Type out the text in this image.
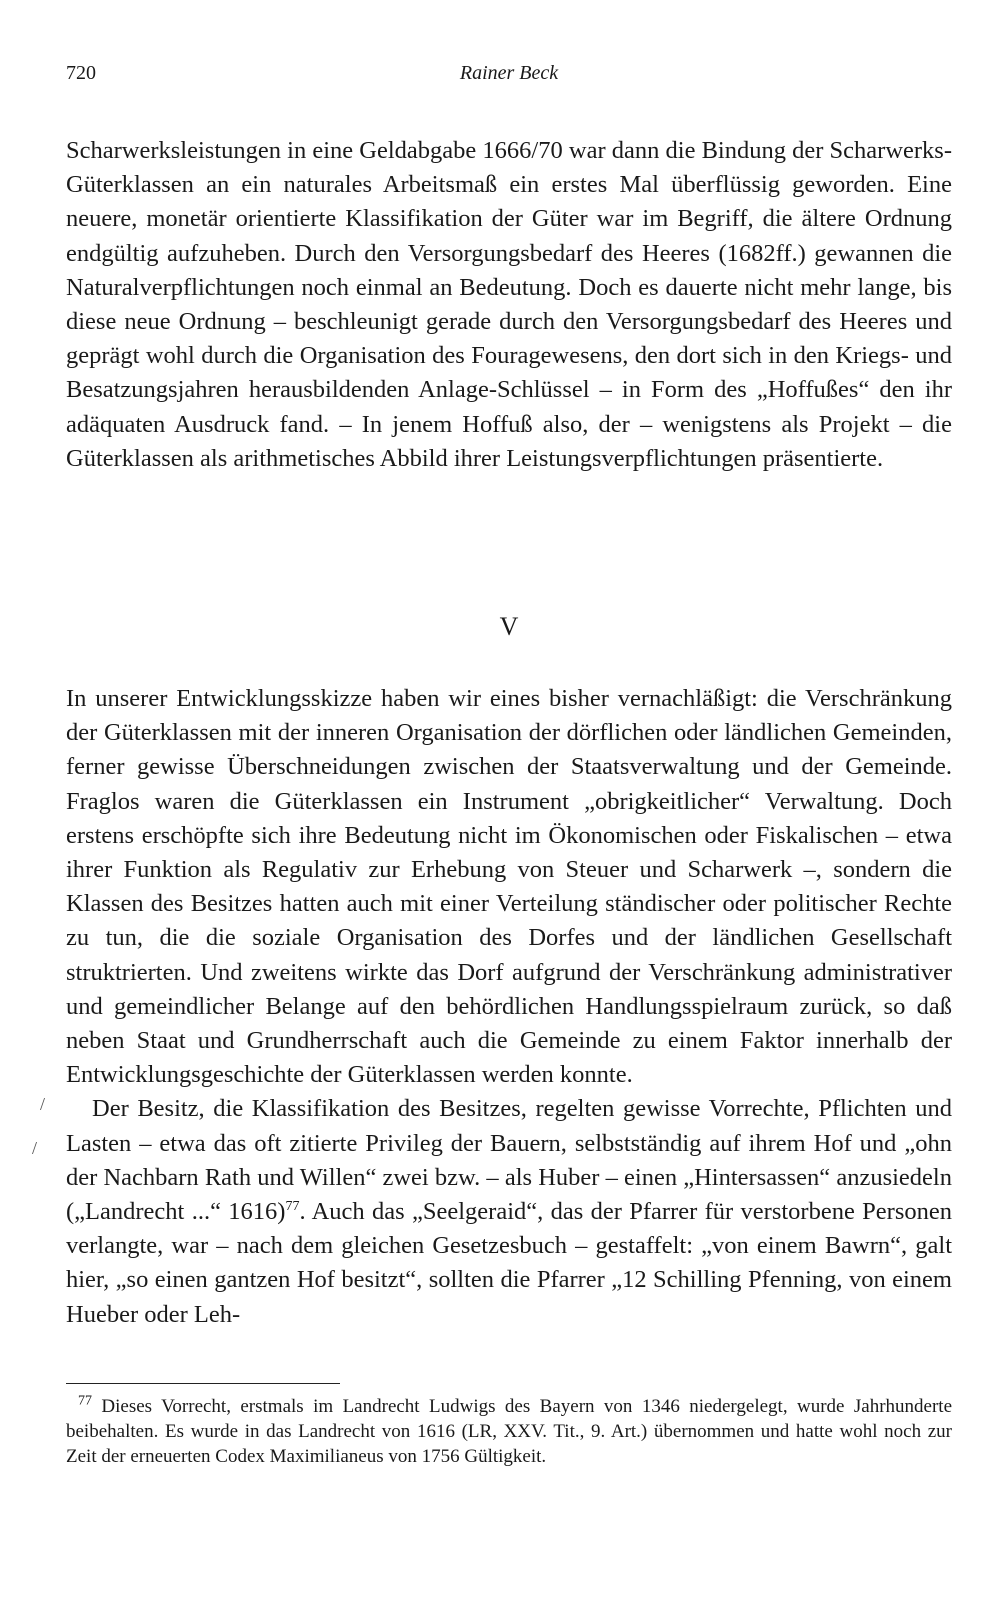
720	Rainer Beck

Scharwerksleistungen in eine Geldabgabe 1666/70 war dann die Bindung der Scharwerks-Güterklassen an ein naturales Arbeitsmaß ein erstes Mal überflüssig geworden. Eine neuere, monetär orientierte Klassifikation der Güter war im Begriff, die ältere Ordnung endgültig aufzuheben. Durch den Versorgungsbedarf des Heeres (1682ff.) gewannen die Naturalverpflichtungen noch einmal an Bedeutung. Doch es dauerte nicht mehr lange, bis diese neue Ordnung – beschleunigt gerade durch den Versorgungsbedarf des Heeres und geprägt wohl durch die Organisation des Fouragewesens, den dort sich in den Kriegs- und Besatzungsjahren herausbildenden Anlage-Schlüssel – in Form des „Hoffußes“ den ihr adäquaten Ausdruck fand. – In jenem Hoffuß also, der – wenigstens als Projekt – die Güterklassen als arithmetisches Abbild ihrer Leistungsverpflichtungen präsentierte.

V

In unserer Entwicklungsskizze haben wir eines bisher vernachläßigt: die Verschränkung der Güterklassen mit der inneren Organisation der dörflichen oder ländlichen Gemeinden, ferner gewisse Überschneidungen zwischen der Staatsverwaltung und der Gemeinde. Fraglos waren die Güterklassen ein Instrument „obrigkeitlicher“ Verwaltung. Doch erstens erschöpfte sich ihre Bedeutung nicht im Ökonomischen oder Fiskalischen – etwa ihrer Funktion als Regulativ zur Erhebung von Steuer und Scharwerk –, sondern die Klassen des Besitzes hatten auch mit einer Verteilung ständischer oder politischer Rechte zu tun, die die soziale Organisation des Dorfes und der ländlichen Gesellschaft struktrierten. Und zweitens wirkte das Dorf aufgrund der Verschränkung administrativer und gemeindlicher Belange auf den behördlichen Handlungsspielraum zurück, so daß neben Staat und Grundherrschaft auch die Gemeinde zu einem Faktor innerhalb der Entwicklungsgeschichte der Güterklassen werden konnte.

Der Besitz, die Klassifikation des Besitzes, regelten gewisse Vorrechte, Pflichten und Lasten – etwa das oft zitierte Privileg der Bauern, selbstständig auf ihrem Hof und „ohn der Nachbarn Rath und Willen“ zwei bzw. – als Huber – einen „Hintersassen“ anzusiedeln („Landrecht ...“ 1616)$^{77}$. Auch das „Seelgeraid“, das der Pfarrer für verstorbene Personen verlangte, war – nach dem gleichen Gesetzesbuch – gestaffelt: „von einem Bawrn“, galt hier, „so einen gantzen Hof besitzt“, sollten die Pfarrer „12 Schilling Pfenning, von einem Hueber oder Leh-

/
/

$^{77}$ Dieses Vorrecht, erstmals im Landrecht Ludwigs des Bayern von 1346 niedergelegt, wurde Jahrhunderte beibehalten. Es wurde in das Landrecht von 1616 (LR, XXV. Tit., 9. Art.) übernommen und hatte wohl noch zur Zeit der erneuerten Codex Maximilianeus von 1756 Gültigkeit.
